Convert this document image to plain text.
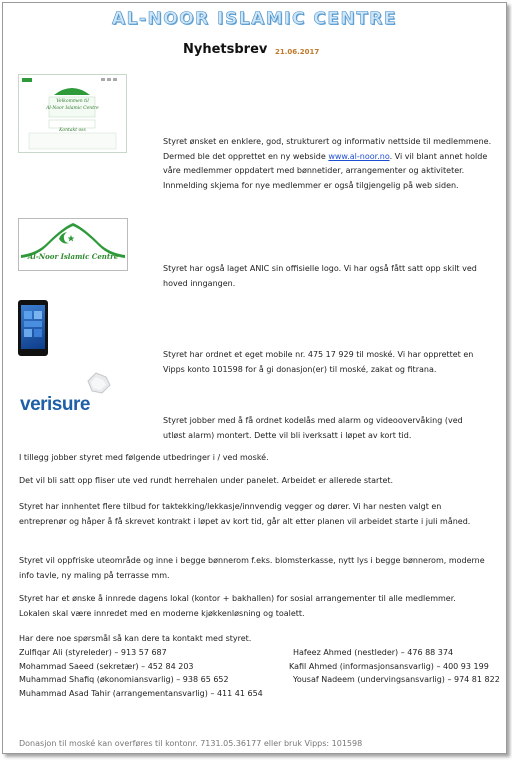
AL-NOOR ISLAMIC CENTRE
Nyhetsbrev 21.06.2017
Velkommen til
Al-Noor Islamic Centre
Kontakt oss
Styret ønsket en enklere, god, strukturert og informativ nettside til medlemmene. Dermed ble det opprettet en ny webside www.al-noor.no. Vi vil blant annet holde våre medlemmer oppdatert med bønnetider, arrangementer og aktiviteter. Innmelding skjema for nye medlemmer er også tilgjengelig på web siden.
Al-Noor Islamic Centre
Styret har også laget ANIC sin offisielle logo. Vi har også fått satt opp skilt ved hoved inngangen.
Styret har ordnet et eget mobile nr. 475 17 929 til moské. Vi har opprettet en Vipps konto 101598 for å gi donasjon(er) til moské, zakat og fitrana.
verisure
Styret jobber med å få ordnet kodelås med alarm og videoovervåking (ved utløst alarm) montert. Dette vil bli iverksatt i løpet av kort tid.
I tillegg jobber styret med følgende utbedringer i / ved moské.
Det vil bli satt opp fliser ute ved rundt herrehalen under panelet. Arbeidet er allerede startet.
Styret har innhentet flere tilbud for taktekking/lekkasje/innvendig vegger og dører. Vi har nesten valgt en entreprenør og håper å få skrevet kontrakt i løpet av kort tid, går alt etter planen vil arbeidet starte i juli måned.
Styret vil oppfriske uteområde og inne i begge bønnerom f.eks. blomsterkasse, nytt lys i begge bønnerom, moderne info tavle, ny maling på terrasse mm.
Styret har et ønske å innrede dagens lokal (kontor + bakhallen) for sosial arrangementer til alle medlemmer. Lokalen skal være innredet med en moderne kjøkkenløsning og toalett.
Har dere noe spørsmål så kan dere ta kontakt med styret.
Zulfiqar Ali (styreleder) – 913 57 687
Mohammad Saeed (sekretær) – 452 84 203
Muhammad Shafiq (økonomiansvarlig) – 938 65 652
Muhammad Asad Tahir (arrangementansvarlig) – 411 41 654
Hafeez Ahmed (nestleder) – 476 88 374
Kafil Ahmed (informasjonsansvarlig) – 400 93 199
Yousaf Nadeem (undervingsansvarlig) – 974 81 822
Donasjon til moské kan overføres til kontonr. 7131.05.36177 eller bruk Vipps: 101598
